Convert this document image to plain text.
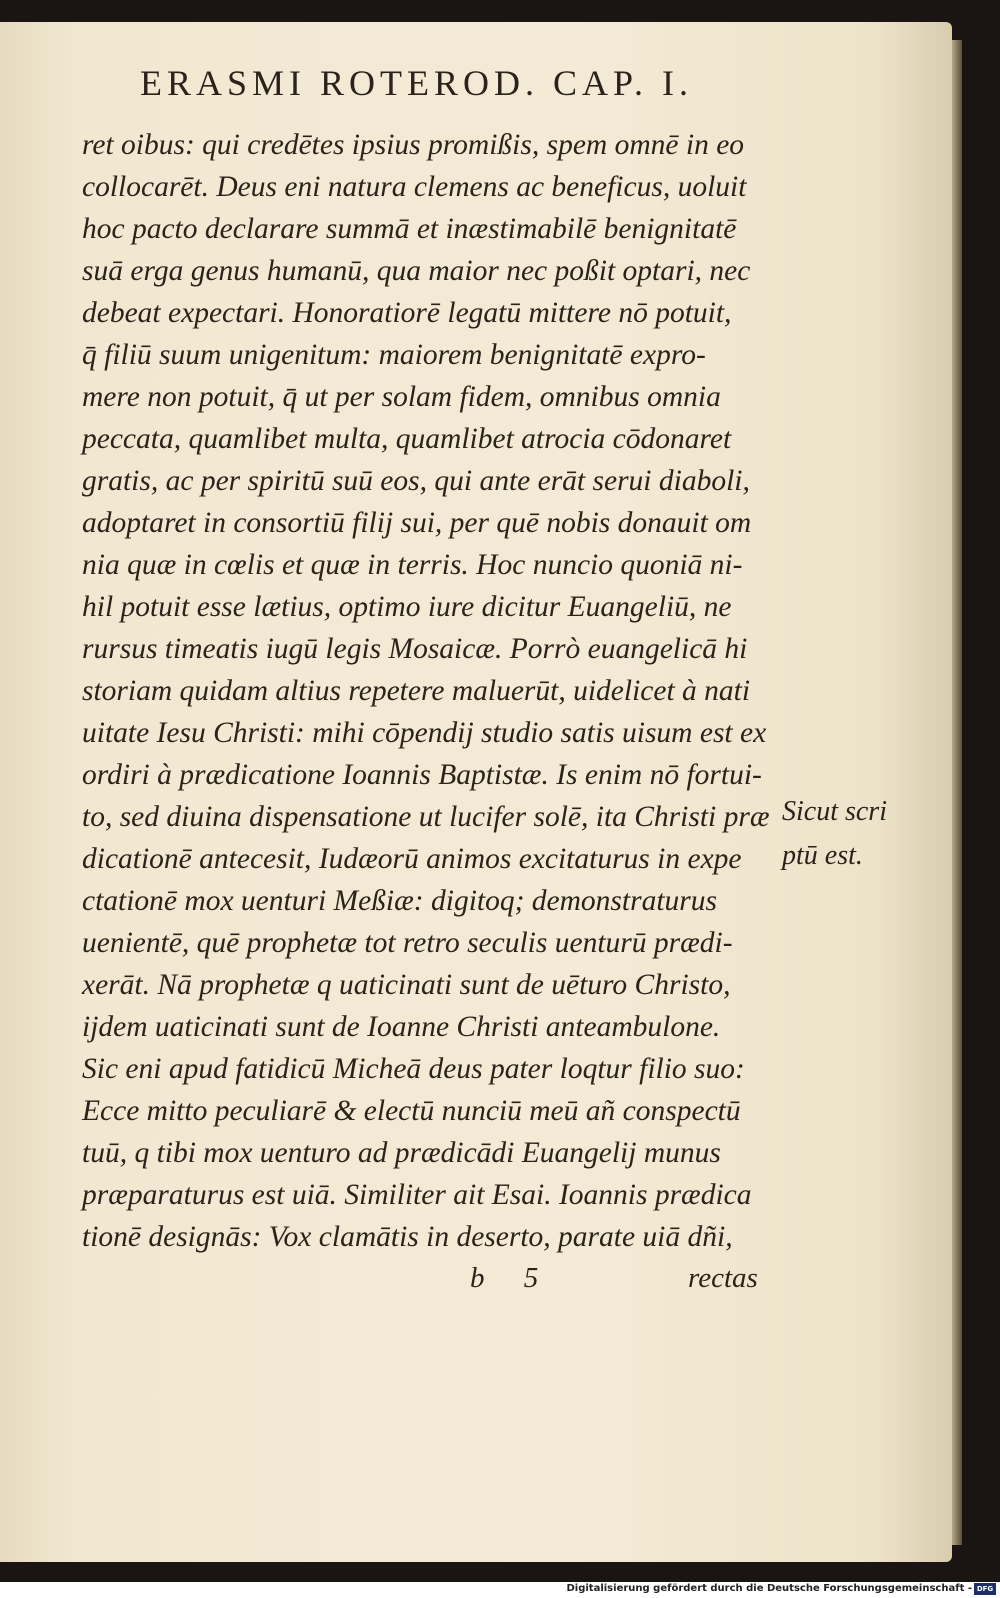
ERASMI ROTEROD. CAP. I.
ret oibus: qui credētes ipsius promißis, spem omnē in eo
collocarēt. Deus eni natura clemens ac beneficus, uoluit
hoc pacto declarare summā et inæstimabilē benignitatē
suā erga genus humanū, qua maior nec poßit optari, nec
debeat expectari. Honoratiorē legatū mittere nō potuit,
q̄ filiū suum unigenitum: maiorem benignitatē expro-
mere non potuit, q̄ ut per solam fidem, omnibus omnia
peccata, quamlibet multa, quamlibet atrocia cōdonaret
gratis, ac per spiritū suū eos, qui ante erāt serui diaboli,
adoptaret in consortiū filij sui, per quē nobis donauit om
nia quæ in cœlis et quæ in terris. Hoc nuncio quoniā ni-
hil potuit esse lætius, optimo iure dicitur Euangeliū, ne
rursus timeatis iugū legis Mosaicæ. Porrò euangelicā hi
storiam quidam altius repetere maluerūt, uidelicet à nati
uitate Iesu Christi: mihi cōpendij studio satis uisum est ex
ordiri à prædicatione Ioannis Baptistæ. Is enim nō fortui-
to, sed diuina dispensatione ut lucifer solē, ita Christi præ
dicationē antecesit, Iudæorū animos excitaturus in expe
ctationē mox uenturi Meßiæ: digitoq; demonstraturus
uenientē, quē prophetæ tot retro seculis uenturū prædi-
xerāt. Nā prophetæ q uaticinati sunt de uēturo Christo,
ijdem uaticinati sunt de Ioanne Christi anteambulone.
Sic eni apud fatidicū Micheā deus pater loqtur filio suo:
Ecce mitto peculiarē & electū nunciū meū añ conspectū
tuū, q tibi mox uenturo ad prædicādi Euangelij munus
præparaturus est uiā. Similiter ait Esai. Ioannis prædica
tionē designās: Vox clamātis in deserto, parate uiā dñi,
Sicut scri
ptū est.
b 5	rectas
Digitalisierung gefördert durch die Deutsche Forschungsgemeinschaft - DFG
